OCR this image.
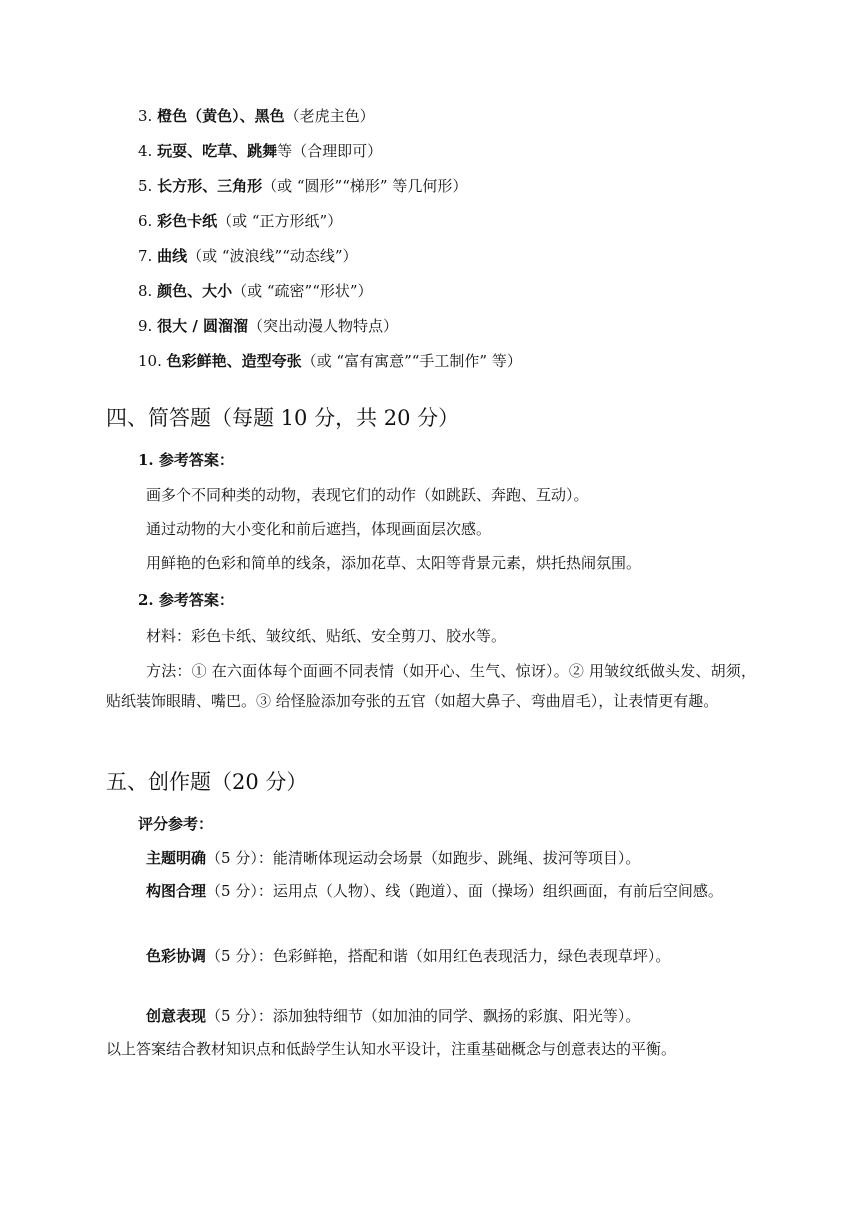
3. 橙色（黄色）、黑色（老虎主色）
4. 玩耍、吃草、跳舞等（合理即可）
5. 长方形、三角形（或 “圆形”“梯形” 等几何形）
6. 彩色卡纸（或 “正方形纸”）
7. 曲线（或 “波浪线”“动态线”）
8. 颜色、大小（或 “疏密”“形状”）
9. 很大 / 圆溜溜（突出动漫人物特点）
10. 色彩鲜艳、造型夸张（或 “富有寓意”“手工制作” 等）
四、简答题（每题 10 分，共 20 分）
1. 参考答案：
画多个不同种类的动物，表现它们的动作（如跳跃、奔跑、互动）。
通过动物的大小变化和前后遮挡，体现画面层次感。
用鲜艳的色彩和简单的线条，添加花草、太阳等背景元素，烘托热闹氛围。
2. 参考答案：
材料：彩色卡纸、皱纹纸、贴纸、安全剪刀、胶水等。
方法：① 在六面体每个面画不同表情（如开心、生气、惊讶）。② 用皱纹纸做头发、胡须，贴纸装饰眼睛、嘴巴。③ 给怪脸添加夸张的五官（如超大鼻子、弯曲眉毛），让表情更有趣。
五、创作题（20 分）
评分参考：
主题明确（5 分）：能清晰体现运动会场景（如跑步、跳绳、拔河等项目）。
构图合理（5 分）：运用点（人物）、线（跑道）、面（操场）组织画面，有前后空间感。
色彩协调（5 分）：色彩鲜艳，搭配和谐（如用红色表现活力，绿色表现草坪）。
创意表现（5 分）：添加独特细节（如加油的同学、飘扬的彩旗、阳光等）。
以上答案结合教材知识点和低龄学生认知水平设计，注重基础概念与创意表达的平衡。
